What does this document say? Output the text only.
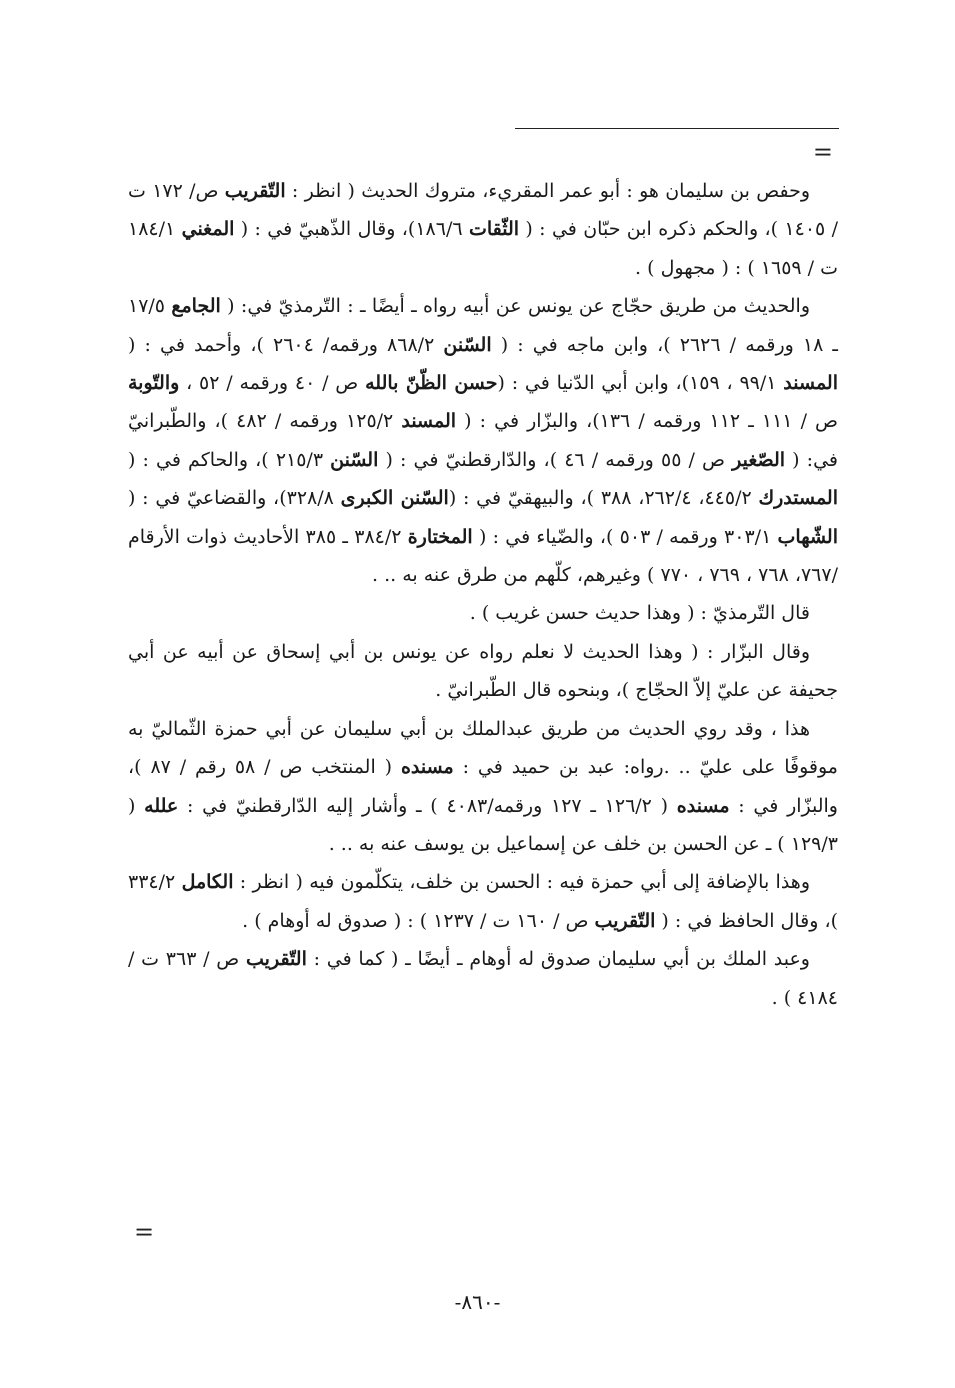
=

وحفص بن سليمان هو : أبو عمر المقريء، متروك الحديث ( انظر : التّقريب ص/ ١٧٢ ت / ١٤٠٥ )، والحكم ذكره ابن حبّان في : ( الثّقات ١٨٦/٦)، وقال الذّهبيّ في : ( المغني ١٨٤/١ ت / ١٦٥٩ ) : ( مجهول ) .

والحديث من طريق حجّاج عن يونس عن أبيه رواه ـ أيضًا ـ : التّرمذيّ في: ( الجامع ١٧/٥ ـ ١٨ ورقمه / ٢٦٢٦ )، وابن ماجه في : ( السّنن ٨٦٨/٢ ورقمه/ ٢٦٠٤ )، وأحمد في : ( المسند ٩٩/١ ، ١٥٩)، وابن أبي الدّنيا في : (حسن الظّنّ بالله ص / ٤٠ ورقمه / ٥٢ ، والتّوبة ص / ١١١ ـ ١١٢ ورقمه / ١٣٦)، والبزّار في : ( المسند ١٢٥/٢ ورقمه / ٤٨٢ )، والطّبرانيّ في: ( الصّغير ص / ٥٥ ورقمه / ٤٦ )، والدّارقطنيّ في : ( السّنن ٢١٥/٣ )، والحاكم في : ( المستدرك ٤٤٥/٢، ٢٦٢/٤، ٣٨٨ )، والبيهقيّ في : (السّنن الكبرى ٣٢٨/٨)، والقضاعيّ في : ( الشّهاب ٣٠٣/١ ورقمه / ٥٠٣ )، والضّياء في : ( المختارة ٣٨٤/٢ ـ ٣٨٥ الأحاديث ذوات الأرقام /٧٦٧، ٧٦٨ ، ٧٦٩ ، ٧٧٠ ) وغيرهم، كلّهم من طرق عنه به .. .

قال التّرمذيّ : ( وهذا حديث حسن غريب ) .

وقال البزّار : ( وهذا الحديث لا نعلم رواه عن يونس بن أبي إسحاق عن أبيه عن أبي جحيفة عن عليّ إلاّ الحجّاج )، وبنحوه قال الطّبرانيّ .

هذا ، وقد روي الحديث من طريق عبدالملك بن أبي سليمان عن أبي حمزة الثّماليّ به موقوفًا على عليّ .. .رواه: عبد بن حميد في : مسنده ( المنتخب ص / ٥٨ رقم / ٨٧ )، والبزّار في : مسنده ( ١٢٦/٢ ـ ١٢٧ ورقمه/٤٠٨٣ ) ـ وأشار إليه الدّارقطنيّ في : علله ( ١٢٩/٣ ) ـ عن الحسن بن خلف عن إسماعيل بن يوسف عنه به .. .

وهذا بالإضافة إلى أبي حمزة فيه : الحسن بن خلف، يتكلّمون فيه ( انظر : الكامل ٣٣٤/٢ )، وقال الحافظ في : ( التّقريب ص / ١٦٠ ت / ١٢٣٧ ) : ( صدوق له أوهام ) .

وعبد الملك بن أبي سليمان صدوق له أوهام ـ أيضًا ـ ( كما في : التّقريب ص / ٣٦٣ ت / ٤١٨٤ ) .

=
-٨٦٠-
